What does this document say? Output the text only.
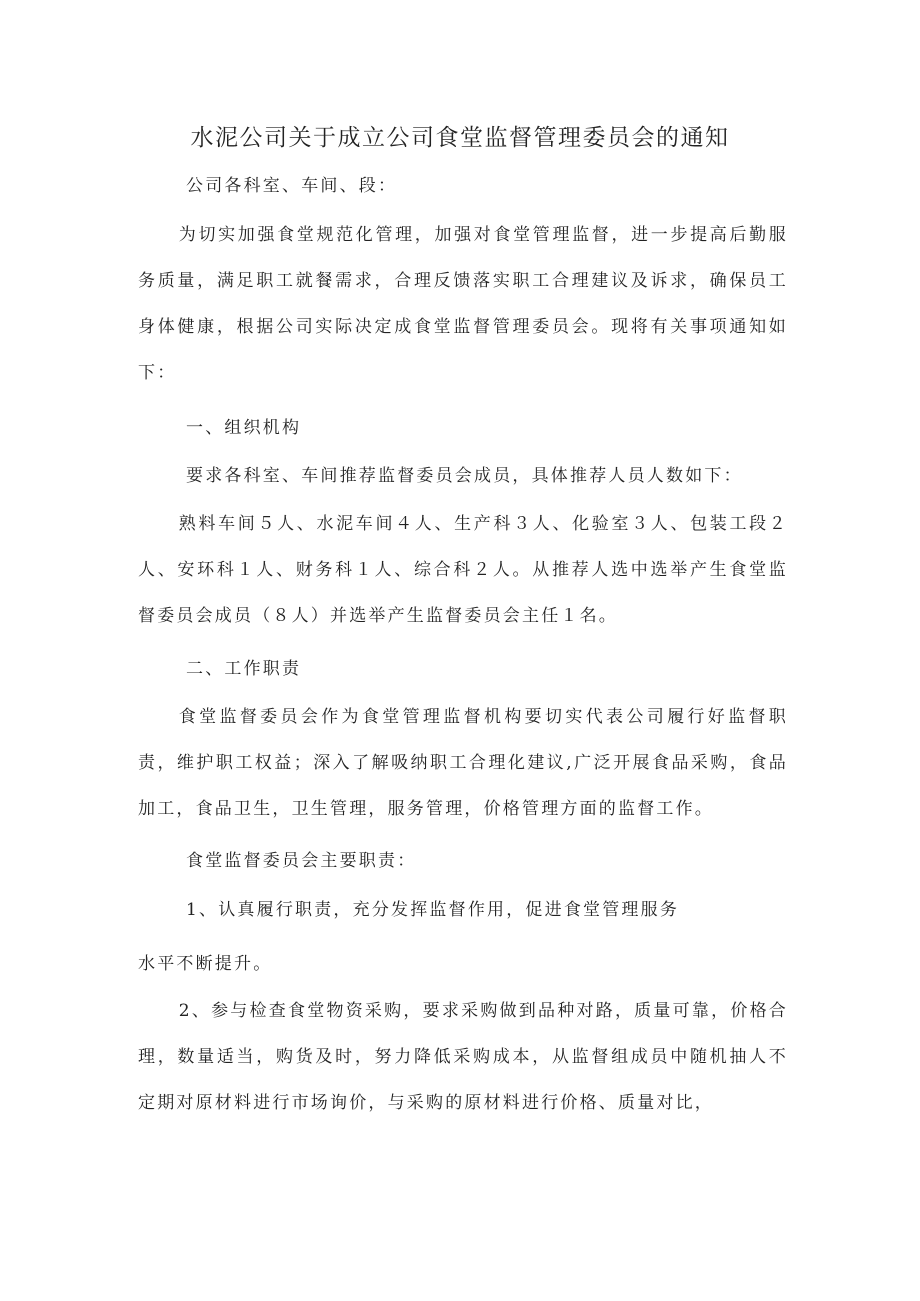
水泥公司关于成立公司食堂监督管理委员会的通知
公司各科室、车间、段：
为切实加强食堂规范化管理，加强对食堂管理监督，进一步提高后勤服务质量，满足职工就餐需求，合理反馈落实职工合理建议及诉求，确保员工身体健康，根据公司实际决定成食堂监督管理委员会。现将有关事项通知如下：
一、组织机构
要求各科室、车间推荐监督委员会成员，具体推荐人员人数如下：
熟料车间５人、水泥车间４人、生产科３人、化验室３人、包装工段２人、安环科１人、财务科１人、综合科２人。从推荐人选中选举产生食堂监督委员会成员（８人）并选举产生监督委员会主任１名。
二、工作职责
食堂监督委员会作为食堂管理监督机构要切实代表公司履行好监督职责，维护职工权益；深入了解吸纳职工合理化建议,广泛开展食品采购，食品加工，食品卫生，卫生管理，服务管理，价格管理方面的监督工作。
食堂监督委员会主要职责：
1、认真履行职责，充分发挥监督作用，促进食堂管理服务
水平不断提升。
2、参与检查食堂物资采购，要求采购做到品种对路，质量可靠，价格合理，数量适当，购货及时，努力降低采购成本，从监督组成员中随机抽人不定期对原材料进行市场询价，与采购的原材料进行价格、质量对比，
